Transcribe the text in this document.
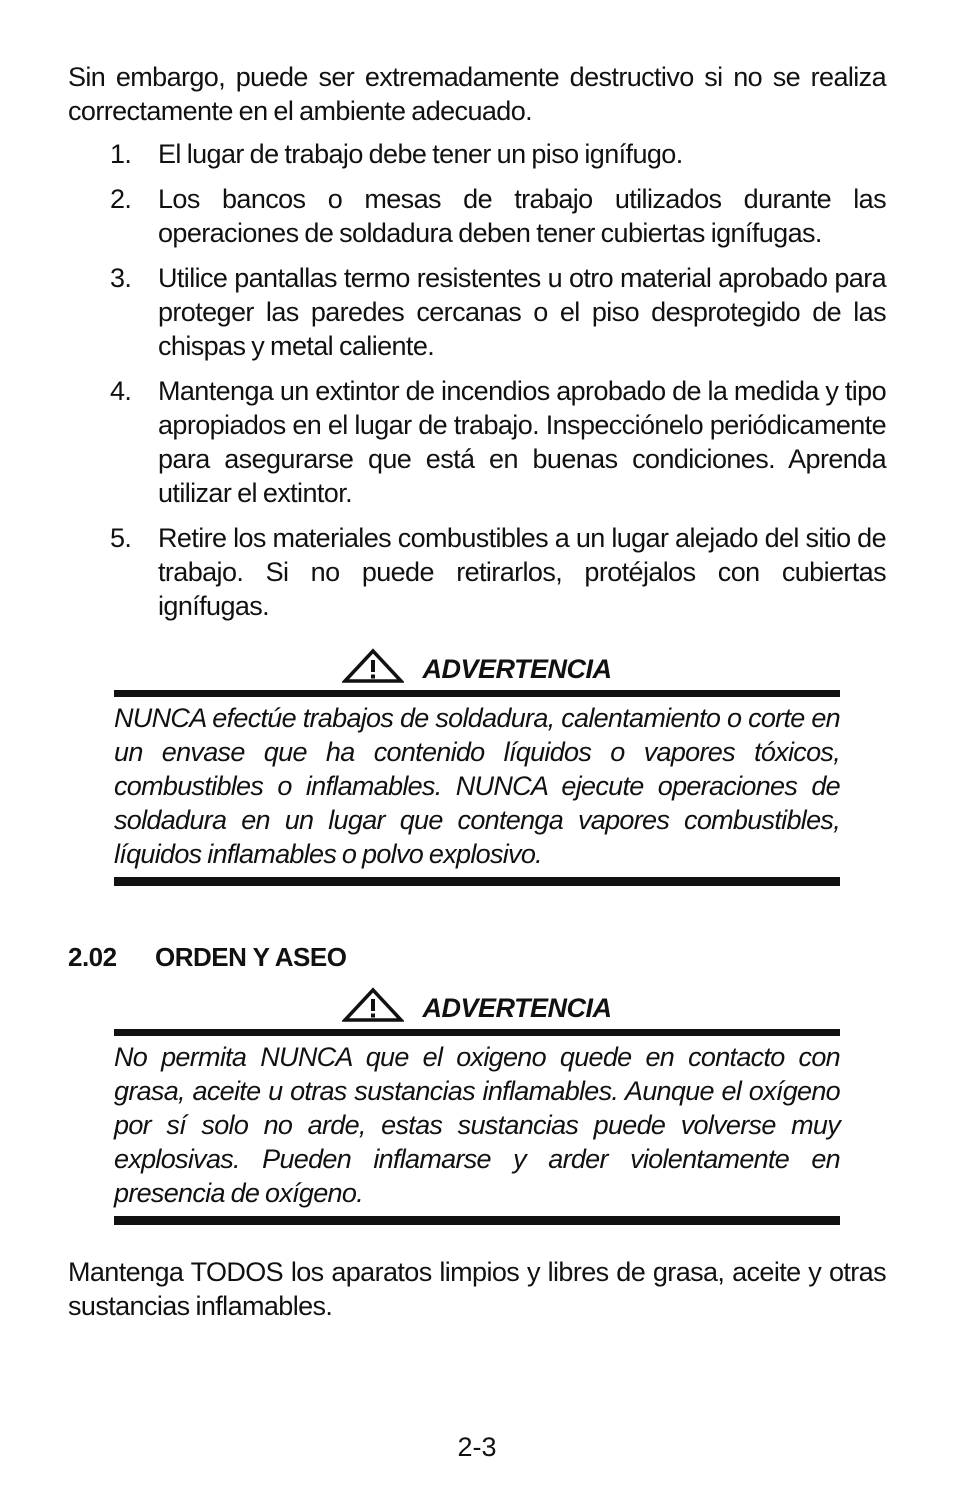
Sin embargo, puede ser extremadamente destructivo si no se realiza correctamente en el ambiente adecuado.

1. El lugar de trabajo debe tener un piso ignífugo.
2. Los bancos o mesas de trabajo utilizados durante las operaciones de soldadura deben tener cubiertas ignífugas.
3. Utilice pantallas termo resistentes u otro material aprobado para proteger las paredes cercanas o el piso desprotegido de las chispas y metal caliente.
4. Mantenga un extintor de incendios aprobado de la medida y tipo apropiados en el lugar de trabajo. Inspecciónelo periódicamente para asegurarse que está en buenas condiciones. Aprenda utilizar el extintor.
5. Retire los materiales combustibles a un lugar alejado del sitio de trabajo. Si no puede retirarlos, protéjalos con cubiertas ignífugas.
ADVERTENCIA

NUNCA efectúe trabajos de soldadura, calentamiento o corte en un envase que ha contenido líquidos o vapores tóxicos, combustibles o inflamables. NUNCA ejecute operaciones de soldadura en un lugar que contenga vapores combustibles, líquidos inflamables o polvo explosivo.

2.02	ORDEN Y ASEO
ADVERTENCIA

No permita NUNCA que el oxigeno quede en contacto con grasa, aceite u otras sustancias inflamables. Aunque el oxígeno por sí solo no arde, estas sustancias puede volverse muy explosivas. Pueden inflamarse y arder violentamente en presencia de oxígeno.

Mantenga TODOS los aparatos limpios y libres de grasa, aceite y otras sustancias inflamables.

2-3
